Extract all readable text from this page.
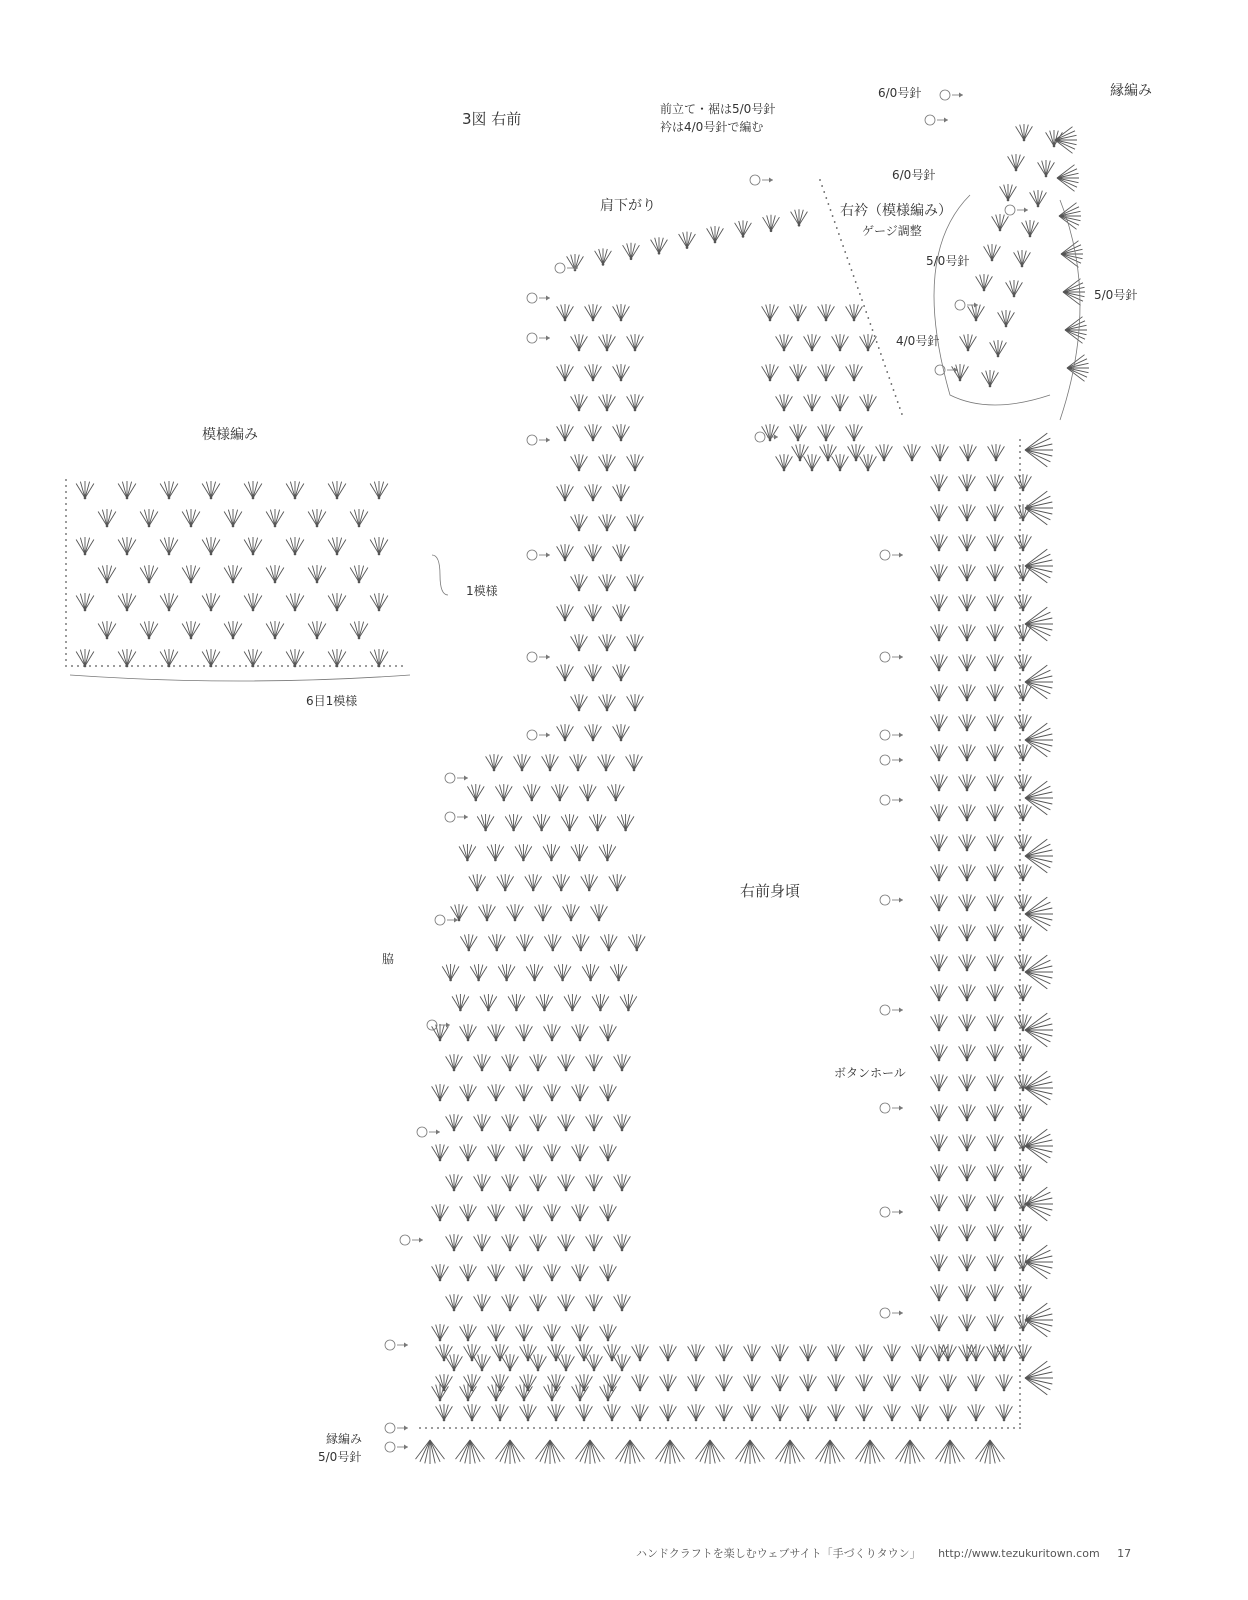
3図 右前
前立て・裾は5/0号針
衿は4/0号針で編む
肩下がり	右衿（模様編み）
ゲージ調整
縁編み
6/0号針
6/0号針
5/0号針
4/0号針
5/0号針
模様編み
1模様
6目1模様
右前身頃
脇
ボタンホール
縁編み
5/0号針
ハンドクラフトを楽しむウェブサイト「手づくりタウン」 http://www.tezukuritown.com 17
